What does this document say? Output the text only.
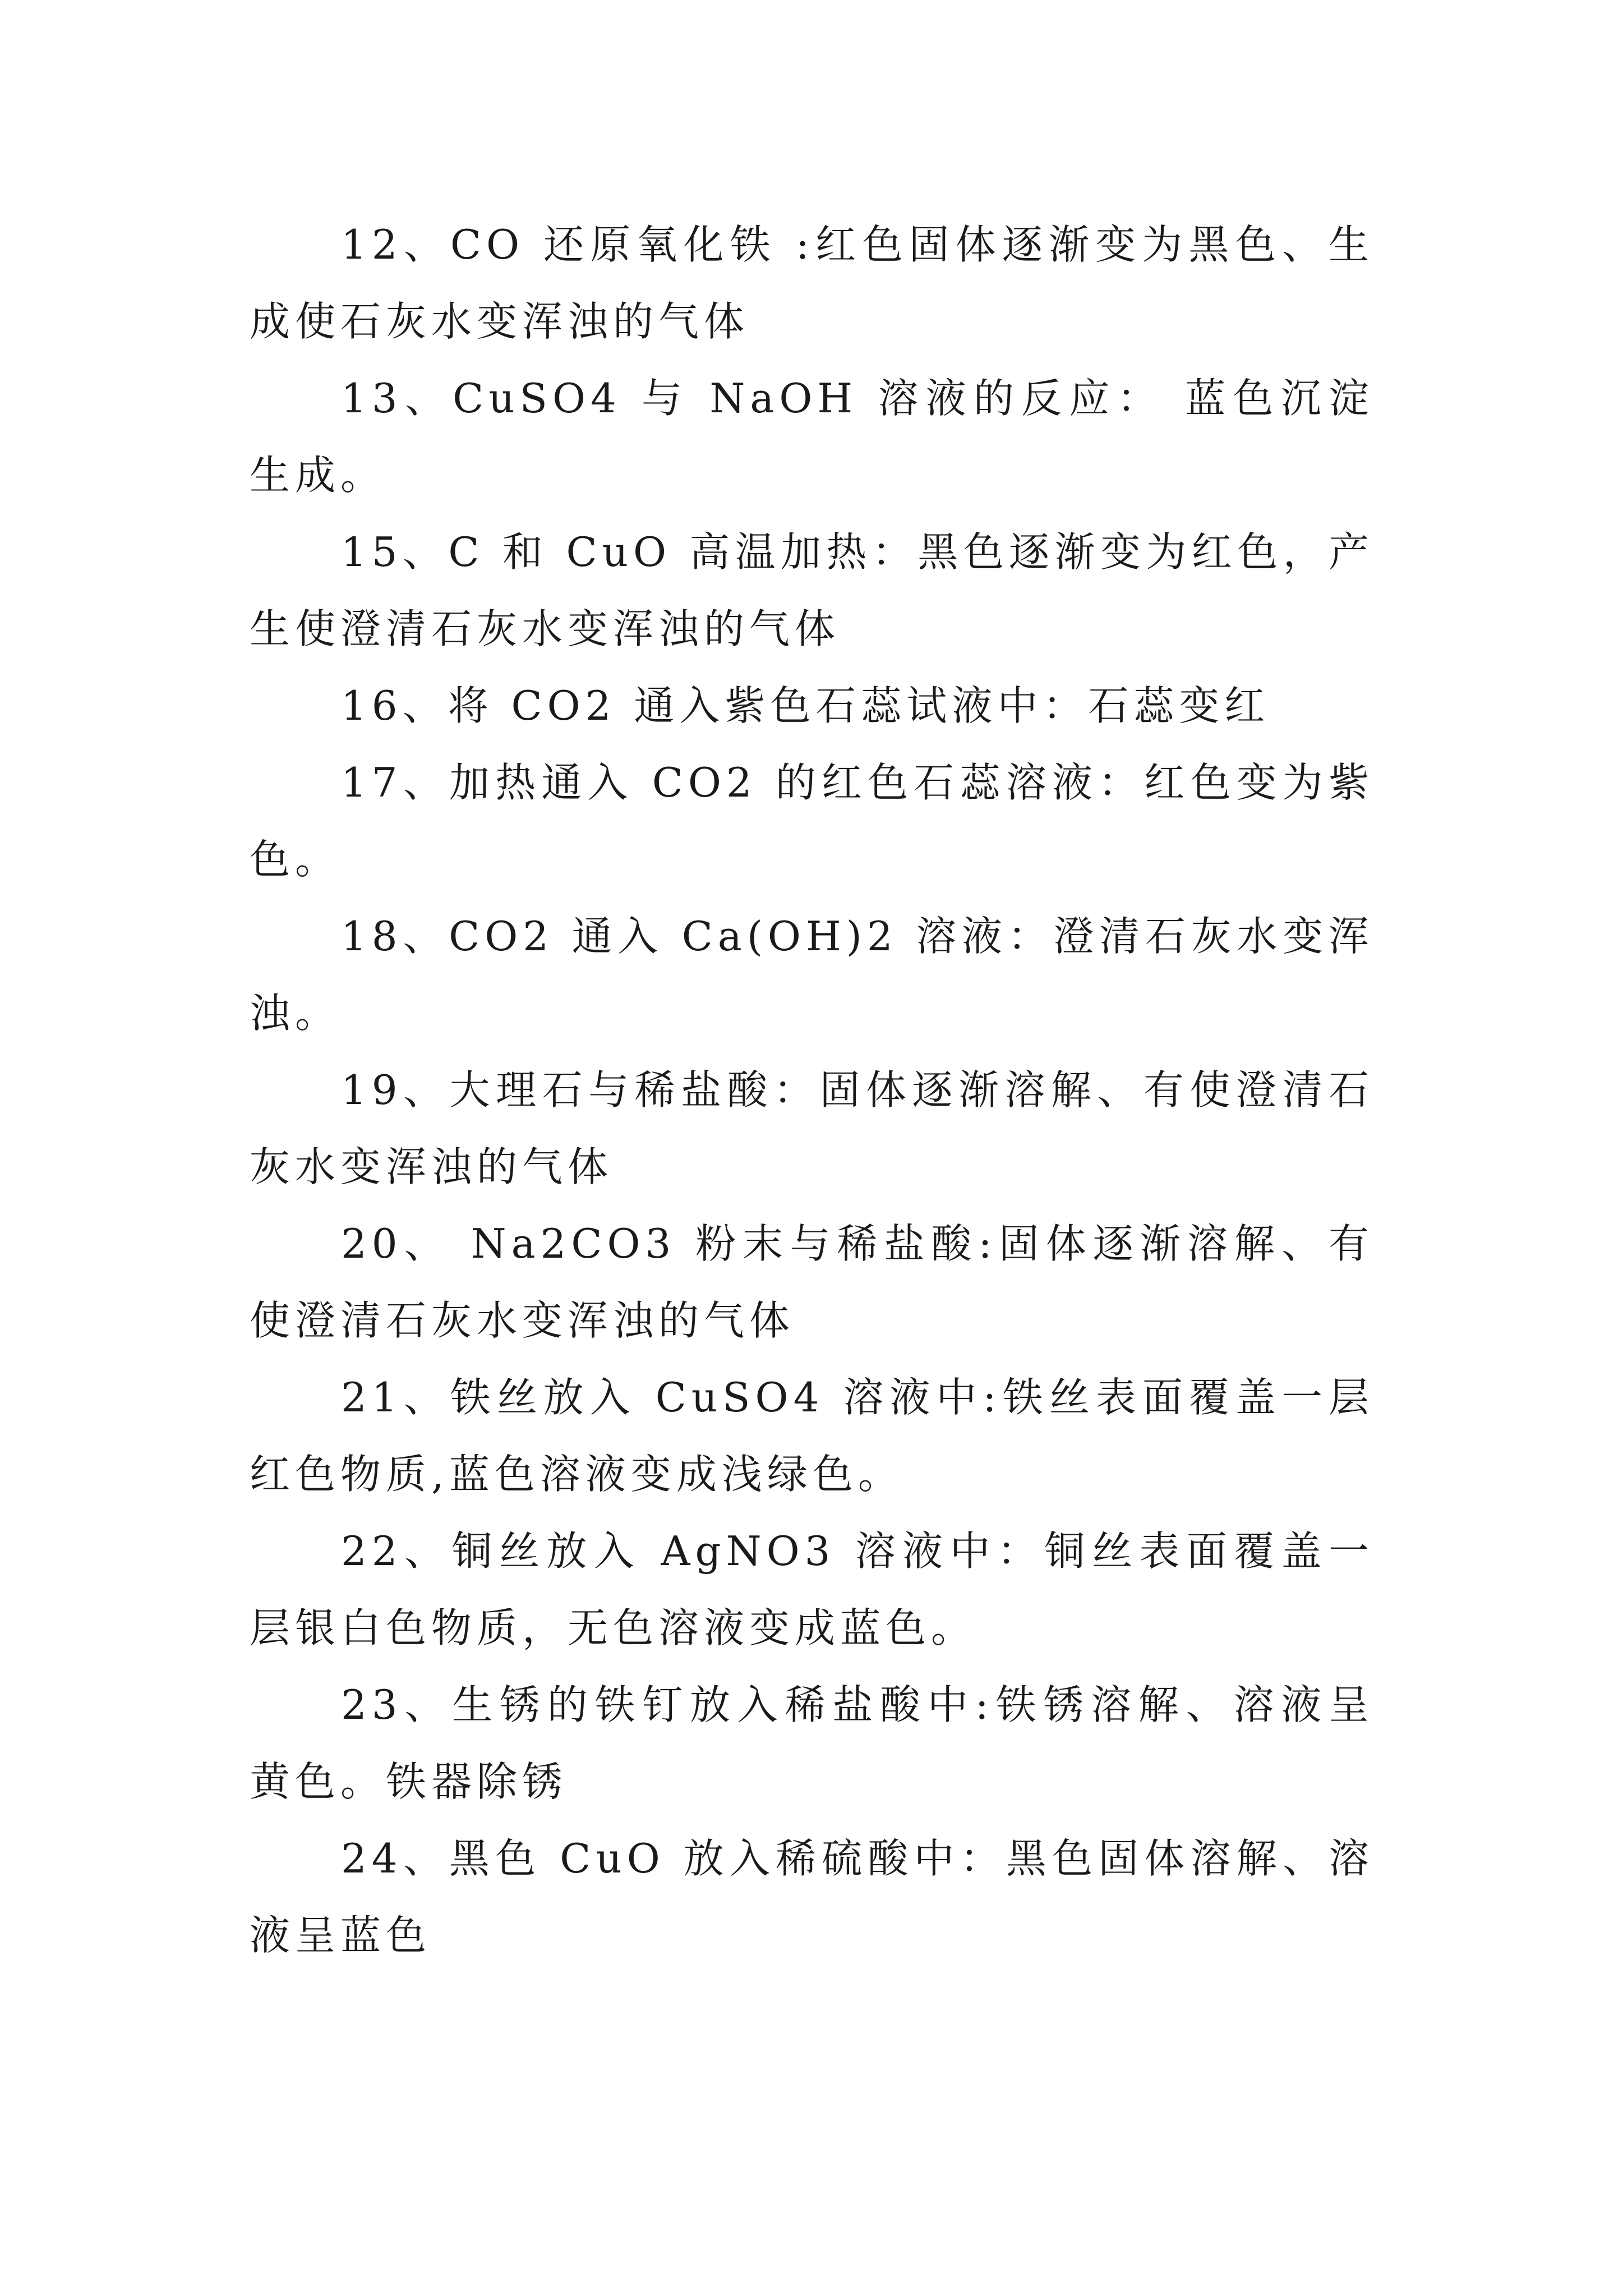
12、CO 还原氧化铁 :红色固体逐渐变为黑色、生成使石灰水变浑浊的气体

13、CuSO4 与 NaOH 溶液的反应： 蓝色沉淀生成。

15、C 和 CuO 高温加热：黑色逐渐变为红色，产生使澄清石灰水变浑浊的气体

16、将 CO2 通入紫色石蕊试液中：石蕊变红

17、加热通入 CO2 的红色石蕊溶液：红色变为紫色。

18、CO2 通入 Ca(OH)2 溶液：澄清石灰水变浑浊。

19、大理石与稀盐酸：固体逐渐溶解、有使澄清石灰水变浑浊的气体

20、 Na2CO3 粉末与稀盐酸:固体逐渐溶解、有使澄清石灰水变浑浊的气体

21、铁丝放入 CuSO4 溶液中:铁丝表面覆盖一层红色物质,蓝色溶液变成浅绿色。

22、铜丝放入 AgNO3 溶液中：铜丝表面覆盖一层银白色物质，无色溶液变成蓝色。

23、生锈的铁钉放入稀盐酸中:铁锈溶解、溶液呈黄色。铁器除锈

24、黑色 CuO 放入稀硫酸中：黑色固体溶解、溶液呈蓝色
